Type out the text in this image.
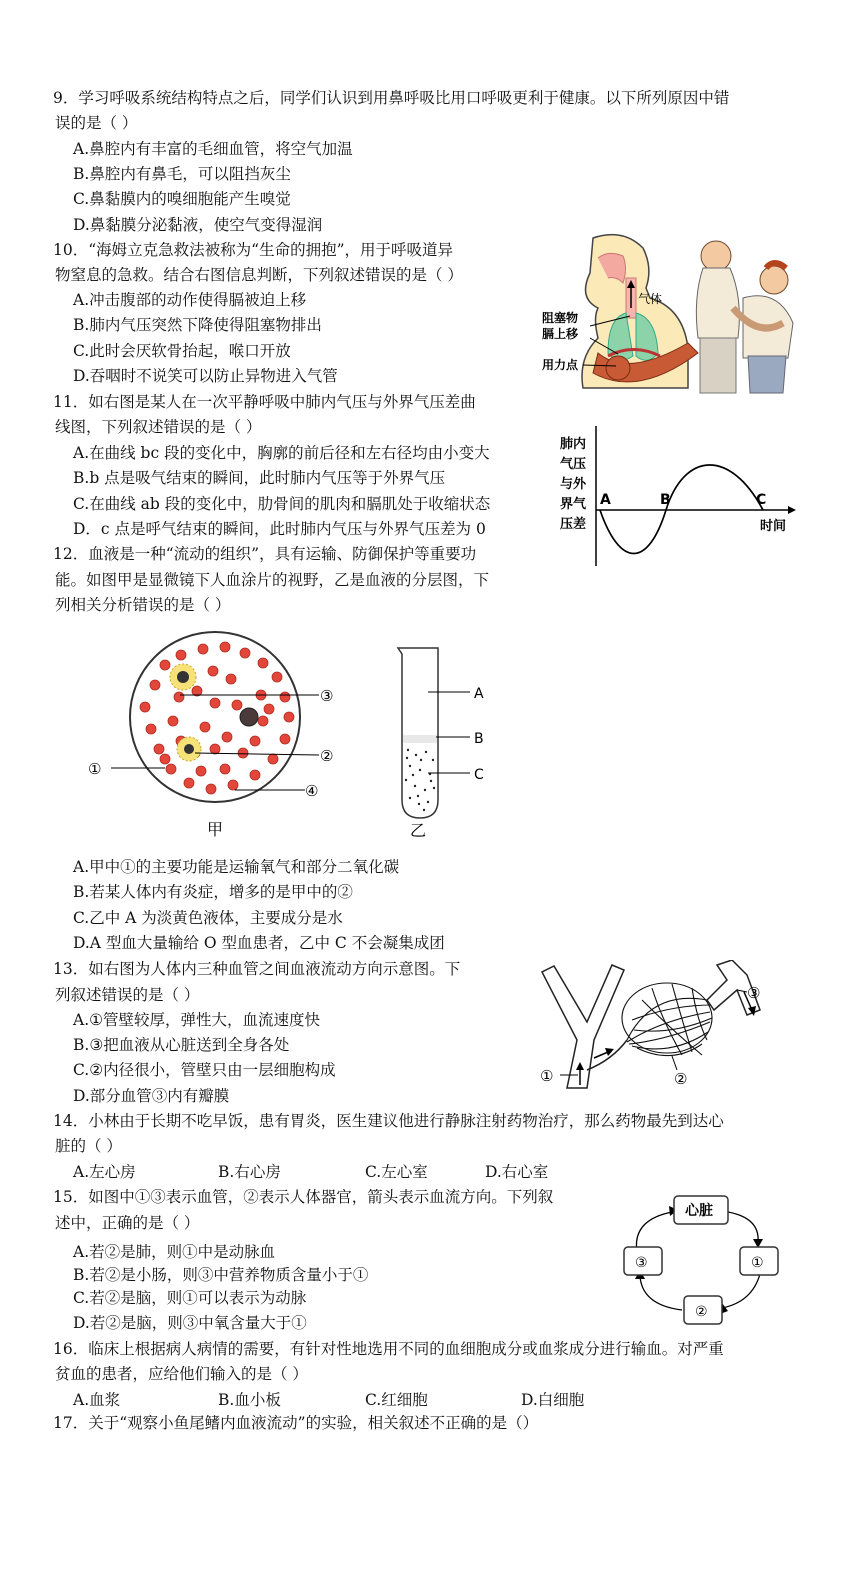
9．学习呼吸系统结构特点之后，同学们认识到用鼻呼吸比用口呼吸更利于健康。以下所列原因中错
误的是（ ）
A.鼻腔内有丰富的毛细血管，将空气加温
B.鼻腔内有鼻毛，可以阻挡灰尘
C.鼻黏膜内的嗅细胞能产生嗅觉
D.鼻黏膜分泌黏液，使空气变得湿润
10．“海姆立克急救法被称为“生命的拥抱”，用于呼吸道异
物窒息的急救。结合右图信息判断，下列叙述错误的是（ ）
A.冲击腹部的动作使得膈被迫上移
B.肺内气压突然下降使得阻塞物排出
C.此时会厌软骨抬起，喉口开放
D.吞咽时不说笑可以防止异物进入气管
气体
阻塞物
膈上移
用力点
11．如右图是某人在一次平静呼吸中肺内气压与外界气压差曲
线图，下列叙述错误的是（ ）
A.在曲线 bc 段的变化中，胸廓的前后径和左右径均由小变大
B.b 点是吸气结束的瞬间，此时肺内气压等于外界气压
C.在曲线 ab 段的变化中，肋骨间的肌肉和膈肌处于收缩状态
D．c 点是呼气结束的瞬间，此时肺内气压与外界气压差为 0
肺内
气压
与外
界气
压差
A	B	C
时间
12．血液是一种“流动的组织”，具有运输、防御保护等重要功
能。如图甲是显微镜下人血涂片的视野，乙是血液的分层图，下
列相关分析错误的是（ ）
③
②
①
④
甲
A
B
C
乙
A.甲中①的主要功能是运输氧气和部分二氧化碳
B.若某人体内有炎症，增多的是甲中的②
C.乙中 A 为淡黄色液体，主要成分是水
D.A 型血大量输给 O 型血患者，乙中 C 不会凝集成团
13．如右图为人体内三种血管之间血液流动方向示意图。下
列叙述错误的是（ ）
A.①管壁较厚，弹性大，血流速度快
B.③把血液从心脏送到全身各处
C.②内径很小，管壁只由一层细胞构成
D.部分血管③内有瓣膜
①	②
③
14．小林由于长期不吃早饭，患有胃炎，医生建议他进行静脉注射药物治疗，那么药物最先到达心
脏的（ ）
A.左心房	B.右心房	C.左心室	D.右心室
15．如图中①③表示血管，②表示人体器官，箭头表示血流方向。下列叙
述中，正确的是（ ）
A.若②是肺，则①中是动脉血
B.若②是小肠，则③中营养物质含量小于①
C.若②是脑，则①可以表示为动脉
D.若②是脑，则③中氧含量大于①
心脏
③	①
②
16．临床上根据病人病情的需要，有针对性地选用不同的血细胞成分或血浆成分进行输血。对严重
贫血的患者，应给他们输入的是（ ）
A.血浆	B.血小板	C.红细胞	D.白细胞
17．关于“观察小鱼尾鳍内血液流动”的实验，相关叙述不正确的是（）
